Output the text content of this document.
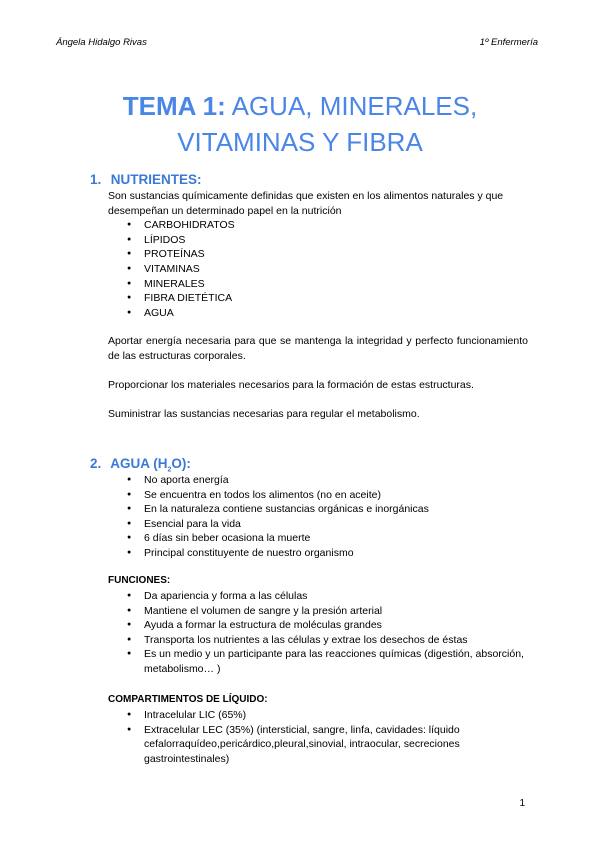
Ángela Hidalgo Rivas	1º Enfermería
TEMA 1: AGUA, MINERALES,
VITAMINAS Y FIBRA
1. NUTRIENTES:

Son sustancias químicamente definidas que existen en los alimentos naturales y que desempeñan un determinado papel en la nutrición

● CARBOHIDRATOS
● LÍPIDOS
● PROTEÍNAS
● VITAMINAS
● MINERALES
● FIBRA DIETÉTICA
● AGUA

Aportar energía necesaria para que se mantenga la integridad y perfecto funcionamiento de las estructuras corporales.

Proporcionar los materiales necesarios para la formación de estas estructuras.

Suministrar las sustancias necesarias para regular el metabolismo.

2. AGUA $(H_2O)$:
● No aporta energía
● Se encuentra en todos los alimentos (no en aceite)
● En la naturaleza contiene sustancias orgánicas e inorgánicas
● Esencial para la vida
● 6 días sin beber ocasiona la muerte
● Principal constituyente de nuestro organismo
FUNCIONES:
● Da apariencia y forma a las células
● Mantiene el volumen de sangre y la presión arterial
● Ayuda a formar la estructura de moléculas grandes
● Transporta los nutrientes a las células y extrae los desechos de éstas
● Es un medio y un participante para las reacciones químicas (digestión, absorción, metabolismo… )
COMPARTIMENTOS DE LÍQUIDO:
● Intracelular LIC (65%)
● Extracelular LEC (35%) (intersticial, sangre, linfa, cavidades: líquido cefalorraquídeo,pericárdico,pleural,sinovial, intraocular, secreciones gastrointestinales)
1
